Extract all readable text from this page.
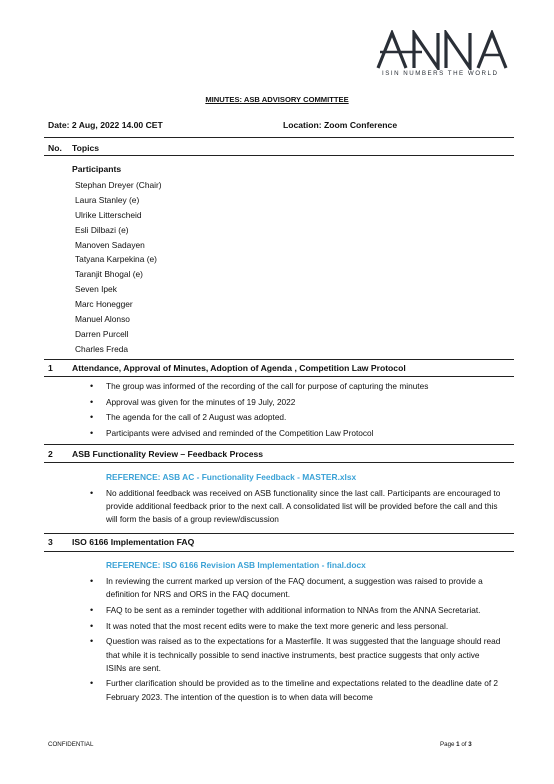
ISIN NUMBERS THE WORLD
MINUTES: ASB ADVISORY COMMITTEE
Date: 2 Aug, 2022 14.00 CET	Location: Zoom Conference
No. Topics
Participants
Stephan Dreyer (Chair)
Laura Stanley (e)
Ulrike Litterscheid
Esli Dilbazi (e)
Manoven Sadayen
Tatyana Karpekina (e)
Taranjit Bhogal (e)
Seven Ipek
Marc Honegger
Manuel Alonso
Darren Purcell
Charles Freda
1 Attendance, Approval of Minutes, Adoption of Agenda , Competition Law Protocol
• The group was informed of the recording of the call for purpose of capturing the minutes
• Approval was given for the minutes of 19 July, 2022
• The agenda for the call of 2 August was adopted.
• Participants were advised and reminded of the Competition Law Protocol
2 ASB Functionality Review – Feedback Process
REFERENCE: ASB AC - Functionality Feedback - MASTER.xlsx
• No additional feedback was received on ASB functionality since the last call. Participants are encouraged to provide additional feedback prior to the next call. A consolidated list will be provided before the call and this will form the basis of a group review/discussion
3 ISO 6166 Implementation FAQ
REFERENCE: ISO 6166 Revision ASB Implementation - final.docx
• In reviewing the current marked up version of the FAQ document, a suggestion was raised to provide a definition for NRS and ORS in the FAQ document.
• FAQ to be sent as a reminder together with additional information to NNAs from the ANNA Secretariat.
• It was noted that the most recent edits were to make the text more generic and less personal.
• Question was raised as to the expectations for a Masterfile. It was suggested that the language should read that while it is technically possible to send inactive instruments, best practice suggests that only active ISINs are sent.
• Further clarification should be provided as to the timeline and expectations related to the deadline date of 2 February 2023. The intention of the question is to when data will become
CONFIDENTIAL	Page 1 of 3
